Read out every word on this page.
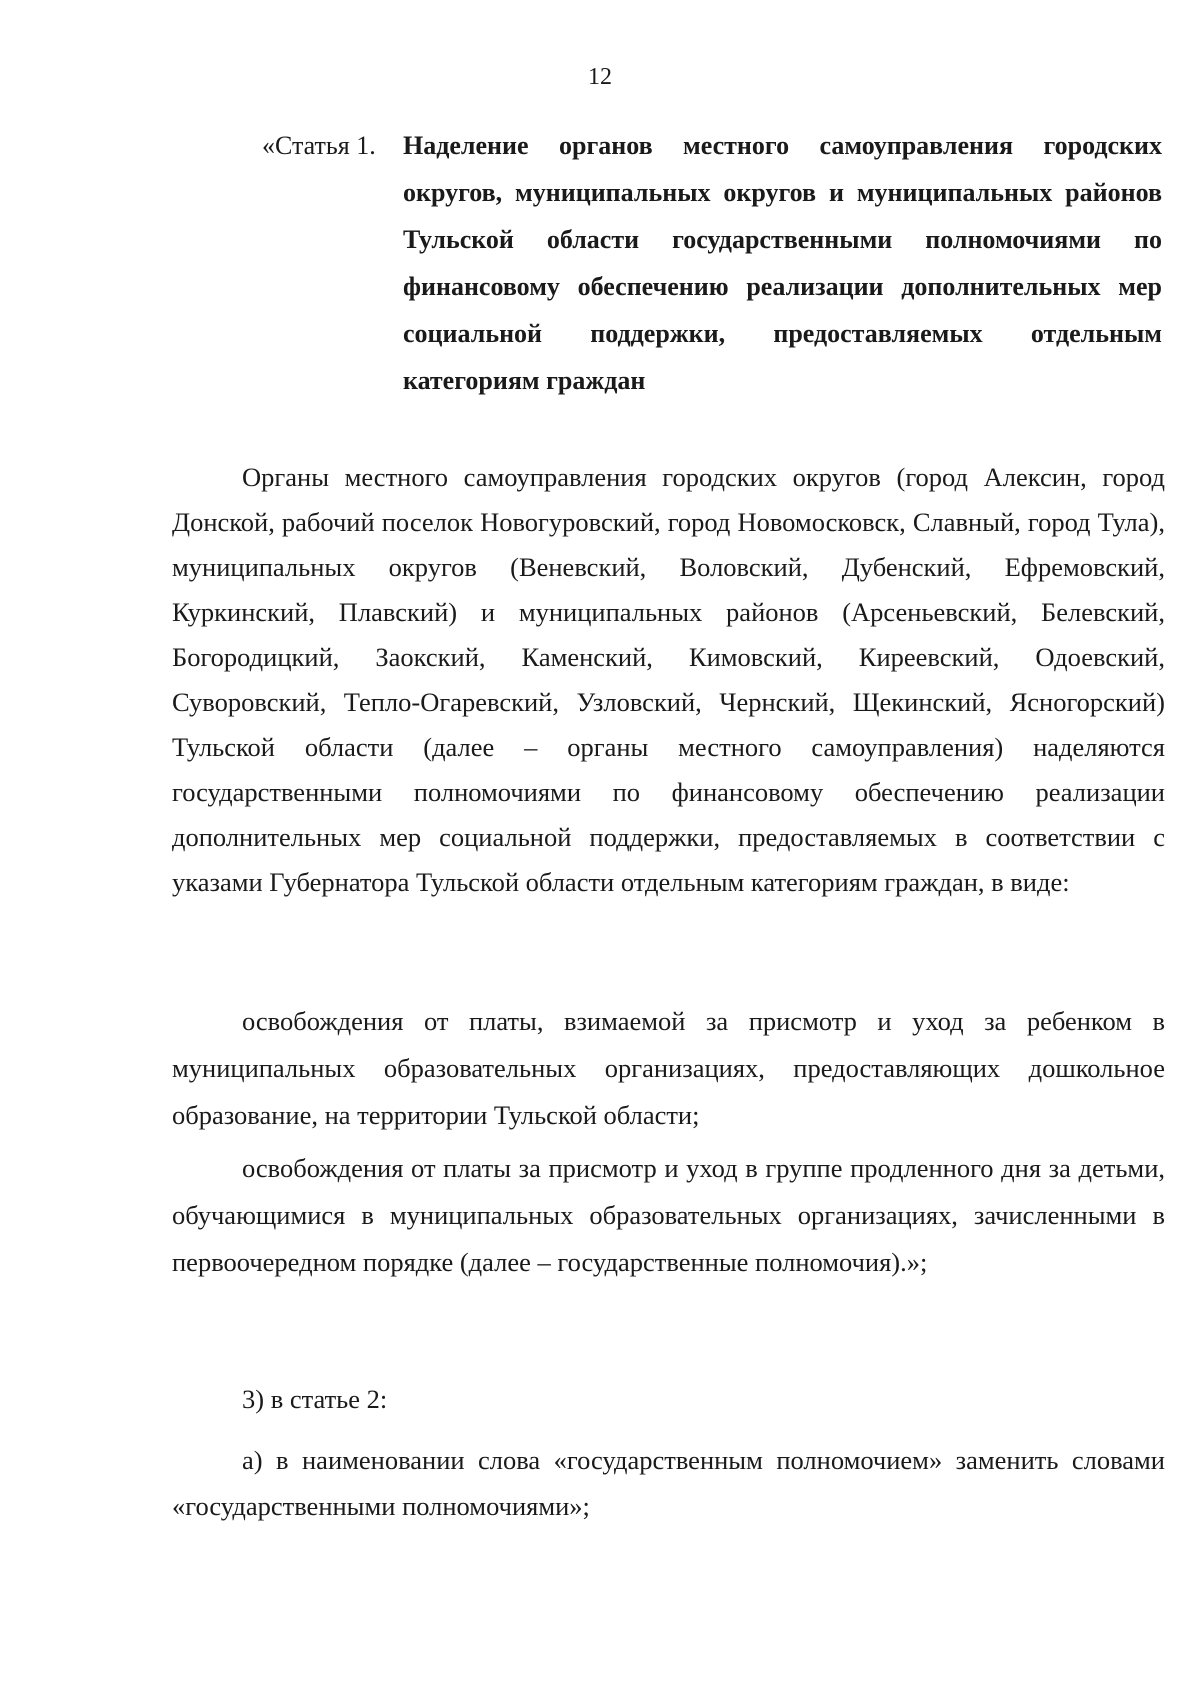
12
«Статья 1. Наделение органов местного самоуправления городских округов, муниципальных округов и муниципальных районов Тульской области государственными полномочиями по финансовому обеспечению реализации дополнительных мер социальной поддержки, предоставляемых отдельным категориям граждан

Органы местного самоуправления городских округов (город Алексин, город Донской, рабочий поселок Новогуровский, город Новомосковск, Славный, город Тула), муниципальных округов (Веневский, Воловский, Дубенский, Ефремовский, Куркинский, Плавский) и муниципальных районов (Арсеньевский, Белевский, Богородицкий, Заокский, Каменский, Кимовский, Киреевский, Одоевский, Суворовский, Тепло-Огаревский, Узловский, Чернский, Щекинский, Ясногорский) Тульской области (далее – органы местного самоуправления) наделяются государственными полномочиями по финансовому обеспечению реализации дополнительных мер социальной поддержки, предоставляемых в соответствии с указами Губернатора Тульской области отдельным категориям граждан, в виде:

освобождения от платы, взимаемой за присмотр и уход за ребенком в муниципальных образовательных организациях, предоставляющих дошкольное образование, на территории Тульской области;

освобождения от платы за присмотр и уход в группе продленного дня за детьми, обучающимися в муниципальных образовательных организациях, зачисленными в первоочередном порядке (далее – государственные полномочия).»;

3) в статье 2:

а) в наименовании слова «государственным полномочием» заменить словами «государственными полномочиями»;
